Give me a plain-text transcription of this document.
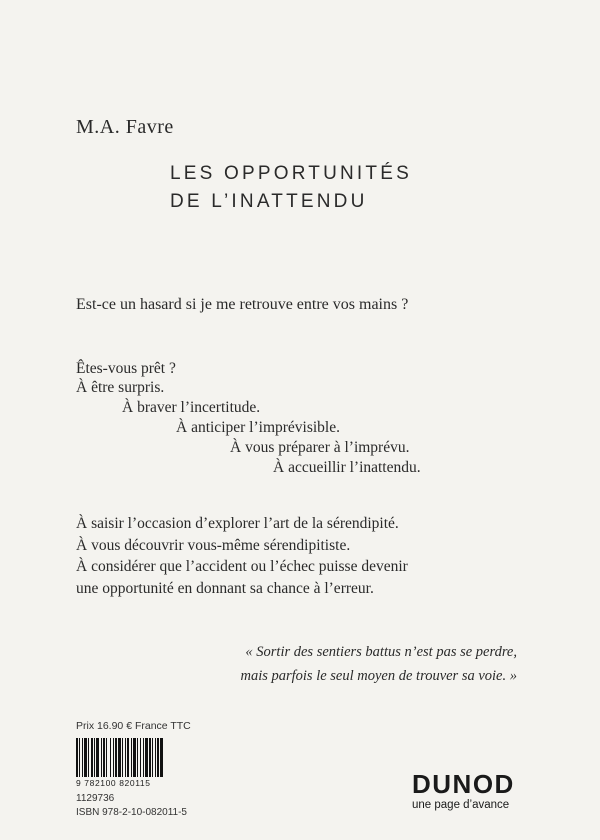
M.A. Favre
LES OPPORTUNITÉS
DE L’INATTENDU
Est-ce un hasard si je me retrouve entre vos mains ?
Êtes-vous prêt ?
À être surpris.
À braver l’incertitude.
À anticiper l’imprévisible.
À vous préparer à l’imprévu.
À accueillir l’inattendu.
À saisir l’occasion d’explorer l’art de la sérendipité.
À vous découvrir vous-même sérendipitiste.
À considérer que l’accident ou l’échec puisse devenir
une opportunité en donnant sa chance à l’erreur.
« Sortir des sentiers battus n’est pas se perdre,
mais parfois le seul moyen de trouver sa voie. »
Prix 16.90 € France TTC
9 782100 820115
1129736
ISBN 978-2-10-082011-5
DUNOD
une page d’avance
